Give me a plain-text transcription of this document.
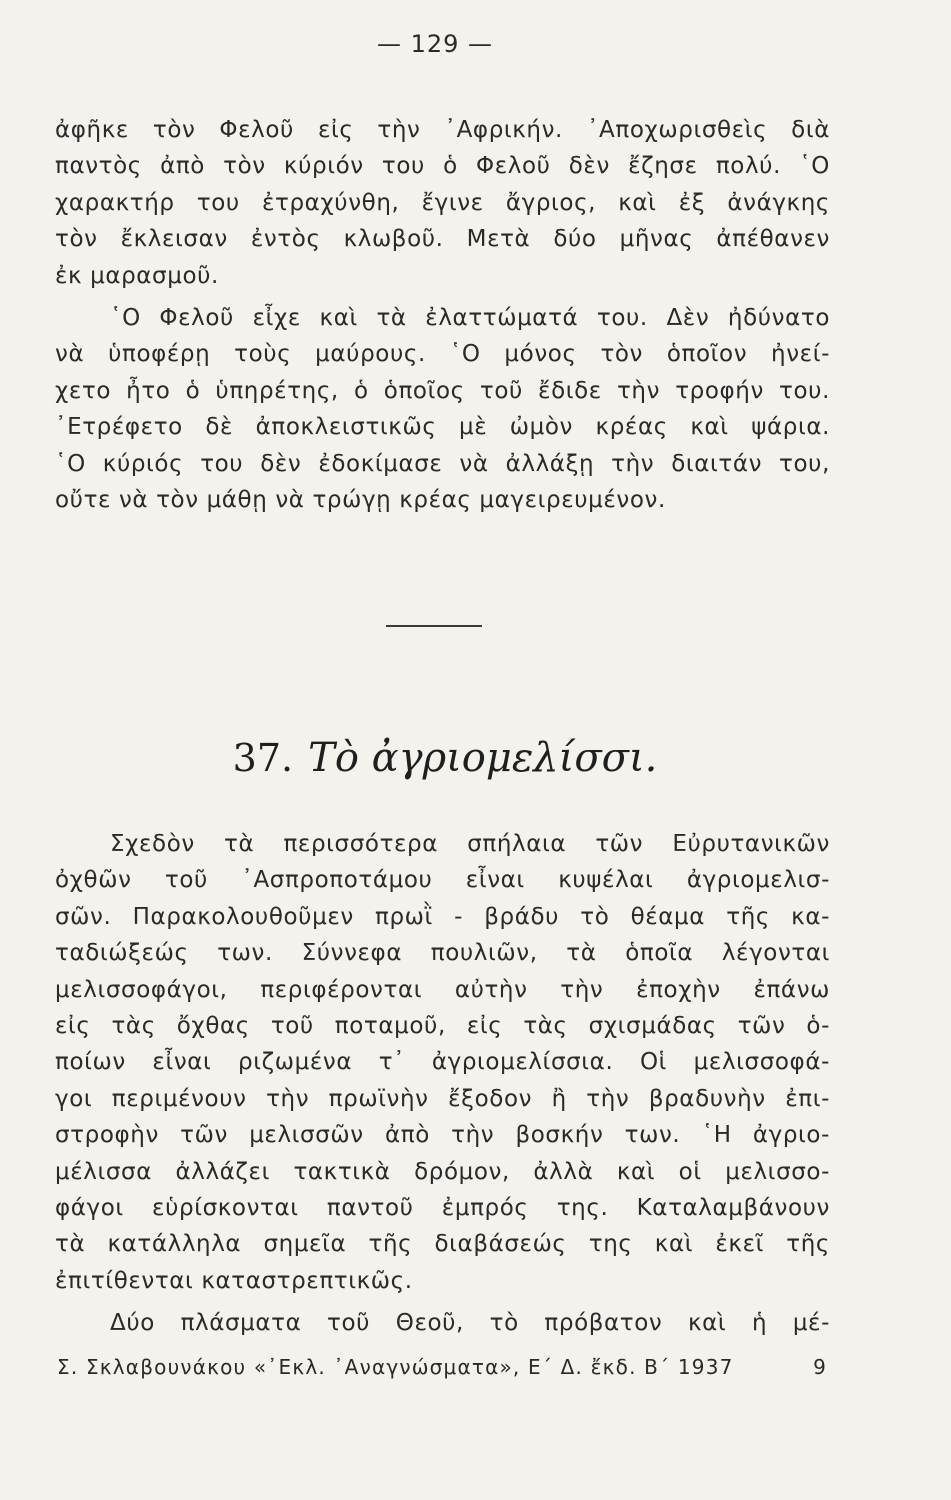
— 129 —
ἀφῆκε τὸν Φελοῦ εἰς τὴν ᾿Αφρικήν. ᾿Αποχωρισθεὶς διὰ
παντὸς ἀπὸ τὸν κύριόν του ὁ Φελοῦ δὲν ἔζησε πολύ. ῾Ο
χαρακτήρ του ἐτραχύνθη, ἔγινε ἄγριος, καὶ ἐξ ἀνάγκης
τὸν ἔκλεισαν ἐντὸς κλωβοῦ. Μετὰ δύο μῆνας ἀπέθανεν
ἐκ μαρασμοῦ.
῾Ο Φελοῦ εἶχε καὶ τὰ ἐλαττώματά του. Δὲν ἠδύνατο
νὰ ὑποφέρῃ τοὺς μαύρους. ῾Ο μόνος τὸν ὁποῖον ἠνεί-
χετο ἦτο ὁ ὑπηρέτης, ὁ ὁποῖος τοῦ ἔδιδε τὴν τροφήν του.
᾿Ετρέφετο δὲ ἀποκλειστικῶς μὲ ὠμὸν κρέας καὶ ψάρια.
῾Ο κύριός του δὲν ἐδοκίμασε νὰ ἀλλάξῃ τὴν διαιτάν του,
οὔτε νὰ τὸν μάθῃ νὰ τρώγῃ κρέας μαγειρευμένον.
37. Τὸ ἀγριομελίσσι.
Σχεδὸν τὰ περισσότερα σπήλαια τῶν Εὐρυτανικῶν
ὀχθῶν τοῦ ᾿Ασπροποτάμου εἶναι κυψέλαι ἀγριομελισ-
σῶν. Παρακολουθοῦμεν πρωῒ - βράδυ τὸ θέαμα τῆς κα-
ταδιώξεώς των. Σύννεφα πουλιῶν, τὰ ὁποῖα λέγονται
μελισσοφάγοι, περιφέρονται αὐτὴν τὴν ἐποχὴν ἐπάνω
εἰς τὰς ὄχθας τοῦ ποταμοῦ, εἰς τὰς σχισμάδας τῶν ὁ-
ποίων εἶναι ριζωμένα τ᾿ ἀγριομελίσσια. Οἱ μελισσοφά-
γοι περιμένουν τὴν πρωϊνὴν ἔξοδον ἢ τὴν βραδυνὴν ἐπι-
στροφὴν τῶν μελισσῶν ἀπὸ τὴν βοσκήν των. ῾Η ἀγριο-
μέλισσα ἀλλάζει τακτικὰ δρόμον, ἀλλὰ καὶ οἱ μελισσο-
φάγοι εὑρίσκονται παντοῦ ἐμπρός της. Καταλαμβάνουν
τὰ κατάλληλα σημεῖα τῆς διαβάσεώς της καὶ ἐκεῖ τῆς
ἐπιτίθενται καταστρεπτικῶς.
Δύο πλάσματα τοῦ Θεοῦ, τὸ πρόβατον καὶ ἡ μέ-
Σ. Σκλαβουνάκου «᾿Εκλ. ᾿Αναγνώσματα», Ε΄ Δ. ἔκδ. Β΄ 1937	9
